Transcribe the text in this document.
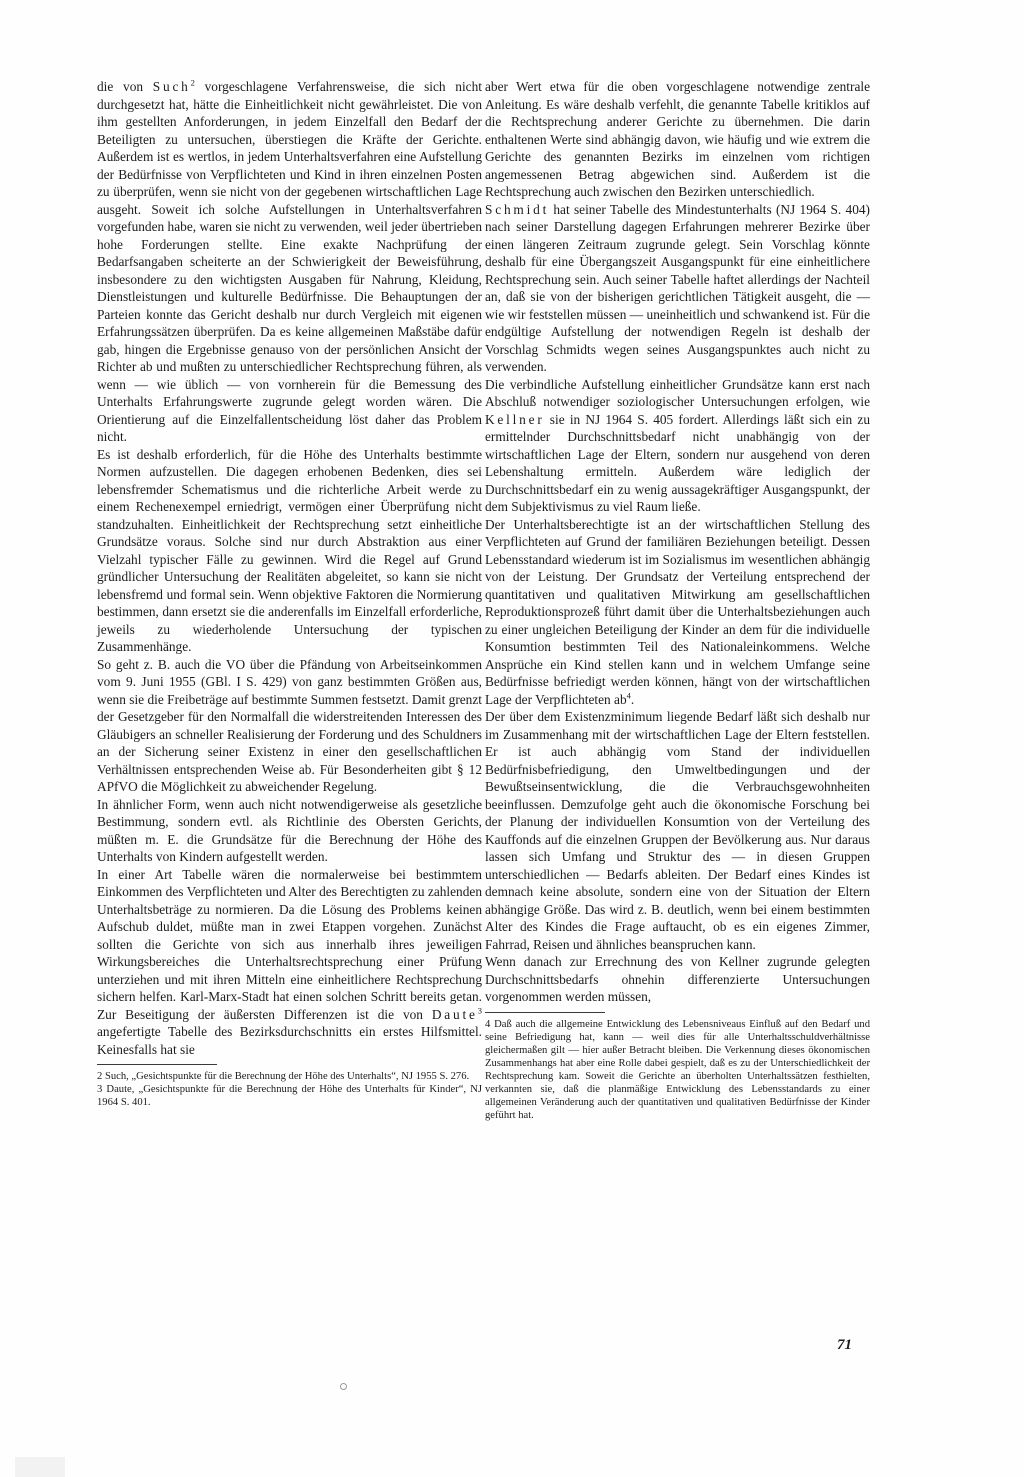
die von Such$^2$ vorgeschlagene Verfahrensweise, die sich nicht durchgesetzt hat, hätte die Einheitlichkeit nicht gewährleistet. Die von ihm gestellten Anforderungen, in jedem Einzelfall den Bedarf der Beteiligten zu untersuchen, überstiegen die Kräfte der Gerichte. Außerdem ist es wertlos, in jedem Unterhaltsverfahren eine Aufstellung der Bedürfnisse von Verpflichteten und Kind in ihren einzelnen Posten zu überprüfen, wenn sie nicht von der gegebenen wirtschaftlichen Lage ausgeht. Soweit ich solche Aufstellungen in Unterhaltsverfahren vorgefunden habe, waren sie nicht zu verwenden, weil jeder übertrieben hohe Forderungen stellte. Eine exakte Nachprüfung der Bedarfsangaben scheiterte an der Schwierigkeit der Beweisführung, insbesondere zu den wichtigsten Ausgaben für Nahrung, Kleidung, Dienstleistungen und kulturelle Bedürfnisse. Die Behauptungen der Parteien konnte das Gericht deshalb nur durch Vergleich mit eigenen Erfahrungssätzen überprüfen. Da es keine allgemeinen Maßstäbe dafür gab, hingen die Ergebnisse genauso von der persönlichen Ansicht der Richter ab und mußten zu unterschiedlicher Rechtsprechung führen, als wenn — wie üblich — von vornherein für die Bemessung des Unterhalts Erfahrungswerte zugrunde gelegt worden wären. Die Orientierung auf die Einzelfallentscheidung löst daher das Problem nicht.

Es ist deshalb erforderlich, für die Höhe des Unterhalts bestimmte Normen aufzustellen. Die dagegen erhobenen Bedenken, dies sei lebensfremder Schematismus und die richterliche Arbeit werde zu einem Rechenexempel erniedrigt, vermögen einer Überprüfung nicht standzuhalten. Einheitlichkeit der Rechtsprechung setzt einheitliche Grundsätze voraus. Solche sind nur durch Abstraktion aus einer Vielzahl typischer Fälle zu gewinnen. Wird die Regel auf Grund gründlicher Untersuchung der Realitäten abgeleitet, so kann sie nicht lebensfremd und formal sein. Wenn objektive Faktoren die Normierung bestimmen, dann ersetzt sie die anderenfalls im Einzelfall erforderliche, jeweils zu wiederholende Untersuchung der typischen Zusammenhänge.

So geht z. B. auch die VO über die Pfändung von Arbeitseinkommen vom 9. Juni 1955 (GBl. I S. 429) von ganz bestimmten Größen aus, wenn sie die Freibeträge auf bestimmte Summen festsetzt. Damit grenzt der Gesetzgeber für den Normalfall die widerstreitenden Interessen des Gläubigers an schneller Realisierung der Forderung und des Schuldners an der Sicherung seiner Existenz in einer den gesellschaftlichen Verhältnissen entsprechenden Weise ab. Für Besonderheiten gibt § 12 APfVO die Möglichkeit zu abweichender Regelung.

In ähnlicher Form, wenn auch nicht notwendigerweise als gesetzliche Bestimmung, sondern evtl. als Richtlinie des Obersten Gerichts, müßten m. E. die Grundsätze für die Berechnung der Höhe des Unterhalts von Kindern aufgestellt werden.

In einer Art Tabelle wären die normalerweise bei bestimmtem Einkommen des Verpflichteten und Alter des Berechtigten zu zahlenden Unterhaltsbeträge zu normieren. Da die Lösung des Problems keinen Aufschub duldet, müßte man in zwei Etappen vorgehen. Zunächst sollten die Gerichte von sich aus innerhalb ihres jeweiligen Wirkungsbereiches die Unterhaltsrechtsprechung einer Prüfung unterziehen und mit ihren Mitteln eine einheitlichere Rechtsprechung sichern helfen. Karl-Marx-Stadt hat einen solchen Schritt bereits getan. Zur Beseitigung der äußersten Differenzen ist die von Daute$^3$ angefertigte Tabelle des Bezirksdurchschnitts ein erstes Hilfsmittel. Keinesfalls hat sie

2 Such, „Gesichtspunkte für die Berechnung der Höhe des Unterhalts“, NJ 1955 S. 276.

3 Daute, „Gesichtspunkte für die Berechnung der Höhe des Unterhalts für Kinder“, NJ 1964 S. 401.

aber Wert etwa für die oben vorgeschlagene notwendige zentrale Anleitung. Es wäre deshalb verfehlt, die genannte Tabelle kritiklos auf die Rechtsprechung anderer Gerichte zu übernehmen. Die darin enthaltenen Werte sind abhängig davon, wie häufig und wie extrem die Gerichte des genannten Bezirks im einzelnen vom richtigen angemessenen Betrag abgewichen sind. Außerdem ist die Rechtsprechung auch zwischen den Bezirken unterschiedlich.

Schmidt hat seiner Tabelle des Mindestunterhalts (NJ 1964 S. 404) nach seiner Darstellung dagegen Erfahrungen mehrerer Bezirke über einen längeren Zeitraum zugrunde gelegt. Sein Vorschlag könnte deshalb für eine Übergangszeit Ausgangspunkt für eine einheitlichere Rechtsprechung sein. Auch seiner Tabelle haftet allerdings der Nachteil an, daß sie von der bisherigen gerichtlichen Tätigkeit ausgeht, die — wie wir feststellen müssen — uneinheitlich und schwankend ist. Für die endgültige Aufstellung der notwendigen Regeln ist deshalb der Vorschlag Schmidts wegen seines Ausgangspunktes auch nicht zu verwenden.

Die verbindliche Aufstellung einheitlicher Grundsätze kann erst nach Abschluß notwendiger soziologischer Untersuchungen erfolgen, wie Kellner sie in NJ 1964 S. 405 fordert. Allerdings läßt sich ein zu ermittelnder Durchschnittsbedarf nicht unabhängig von der wirtschaftlichen Lage der Eltern, sondern nur ausgehend von deren Lebenshaltung ermitteln. Außerdem wäre lediglich der Durchschnittsbedarf ein zu wenig aussagekräftiger Ausgangspunkt, der dem Subjektivismus zu viel Raum ließe.

Der Unterhaltsberechtigte ist an der wirtschaftlichen Stellung des Verpflichteten auf Grund der familiären Beziehungen beteiligt. Dessen Lebensstandard wiederum ist im Sozialismus im wesentlichen abhängig von der Leistung. Der Grundsatz der Verteilung entsprechend der quantitativen und qualitativen Mitwirkung am gesellschaftlichen Reproduktionsprozeß führt damit über die Unterhaltsbeziehungen auch zu einer ungleichen Beteiligung der Kinder an dem für die individuelle Konsumtion bestimmten Teil des Nationaleinkommens. Welche Ansprüche ein Kind stellen kann und in welchem Umfange seine Bedürfnisse befriedigt werden können, hängt von der wirtschaftlichen Lage der Verpflichteten $ab^4$.

Der über dem Existenzminimum liegende Bedarf läßt sich deshalb nur im Zusammenhang mit der wirtschaftlichen Lage der Eltern feststellen. Er ist auch abhängig vom Stand der individuellen Bedürfnisbefriedigung, den Umweltbedingungen und der Bewußtseinsentwicklung, die die Verbrauchsgewohnheiten beeinflussen. Demzufolge geht auch die ökonomische Forschung bei der Planung der individuellen Konsumtion von der Verteilung des Kauffonds auf die einzelnen Gruppen der Bevölkerung aus. Nur daraus lassen sich Umfang und Struktur des — in diesen Gruppen unterschiedlichen — Bedarfs ableiten. Der Bedarf eines Kindes ist demnach keine absolute, sondern eine von der Situation der Eltern abhängige Größe. Das wird z. B. deutlich, wenn bei einem bestimmten Alter des Kindes die Frage auftaucht, ob es ein eigenes Zimmer, Fahrrad, Reisen und ähnliches beanspruchen kann.

Wenn danach zur Errechnung des von Kellner zugrunde gelegten Durchschnittsbedarfs ohnehin differenzierte Untersuchungen vorgenommen werden müssen,

4 Daß auch die allgemeine Entwicklung des Lebensniveaus Einfluß auf den Bedarf und seine Befriedigung hat, kann — weil dies für alle Unterhaltsschuldverhältnisse gleichermaßen gilt — hier außer Betracht bleiben. Die Verkennung dieses ökonomischen Zusammenhangs hat aber eine Rolle dabei gespielt, daß es zu der Unterschiedlichkeit der Rechtsprechung kam. Soweit die Gerichte an überholten Unterhaltssätzen festhielten, verkannten sie, daß die planmäßige Entwicklung des Lebensstandards zu einer allgemeinen Veränderung auch der quantitativen und qualitativen Bedürfnisse der Kinder geführt hat.

71
